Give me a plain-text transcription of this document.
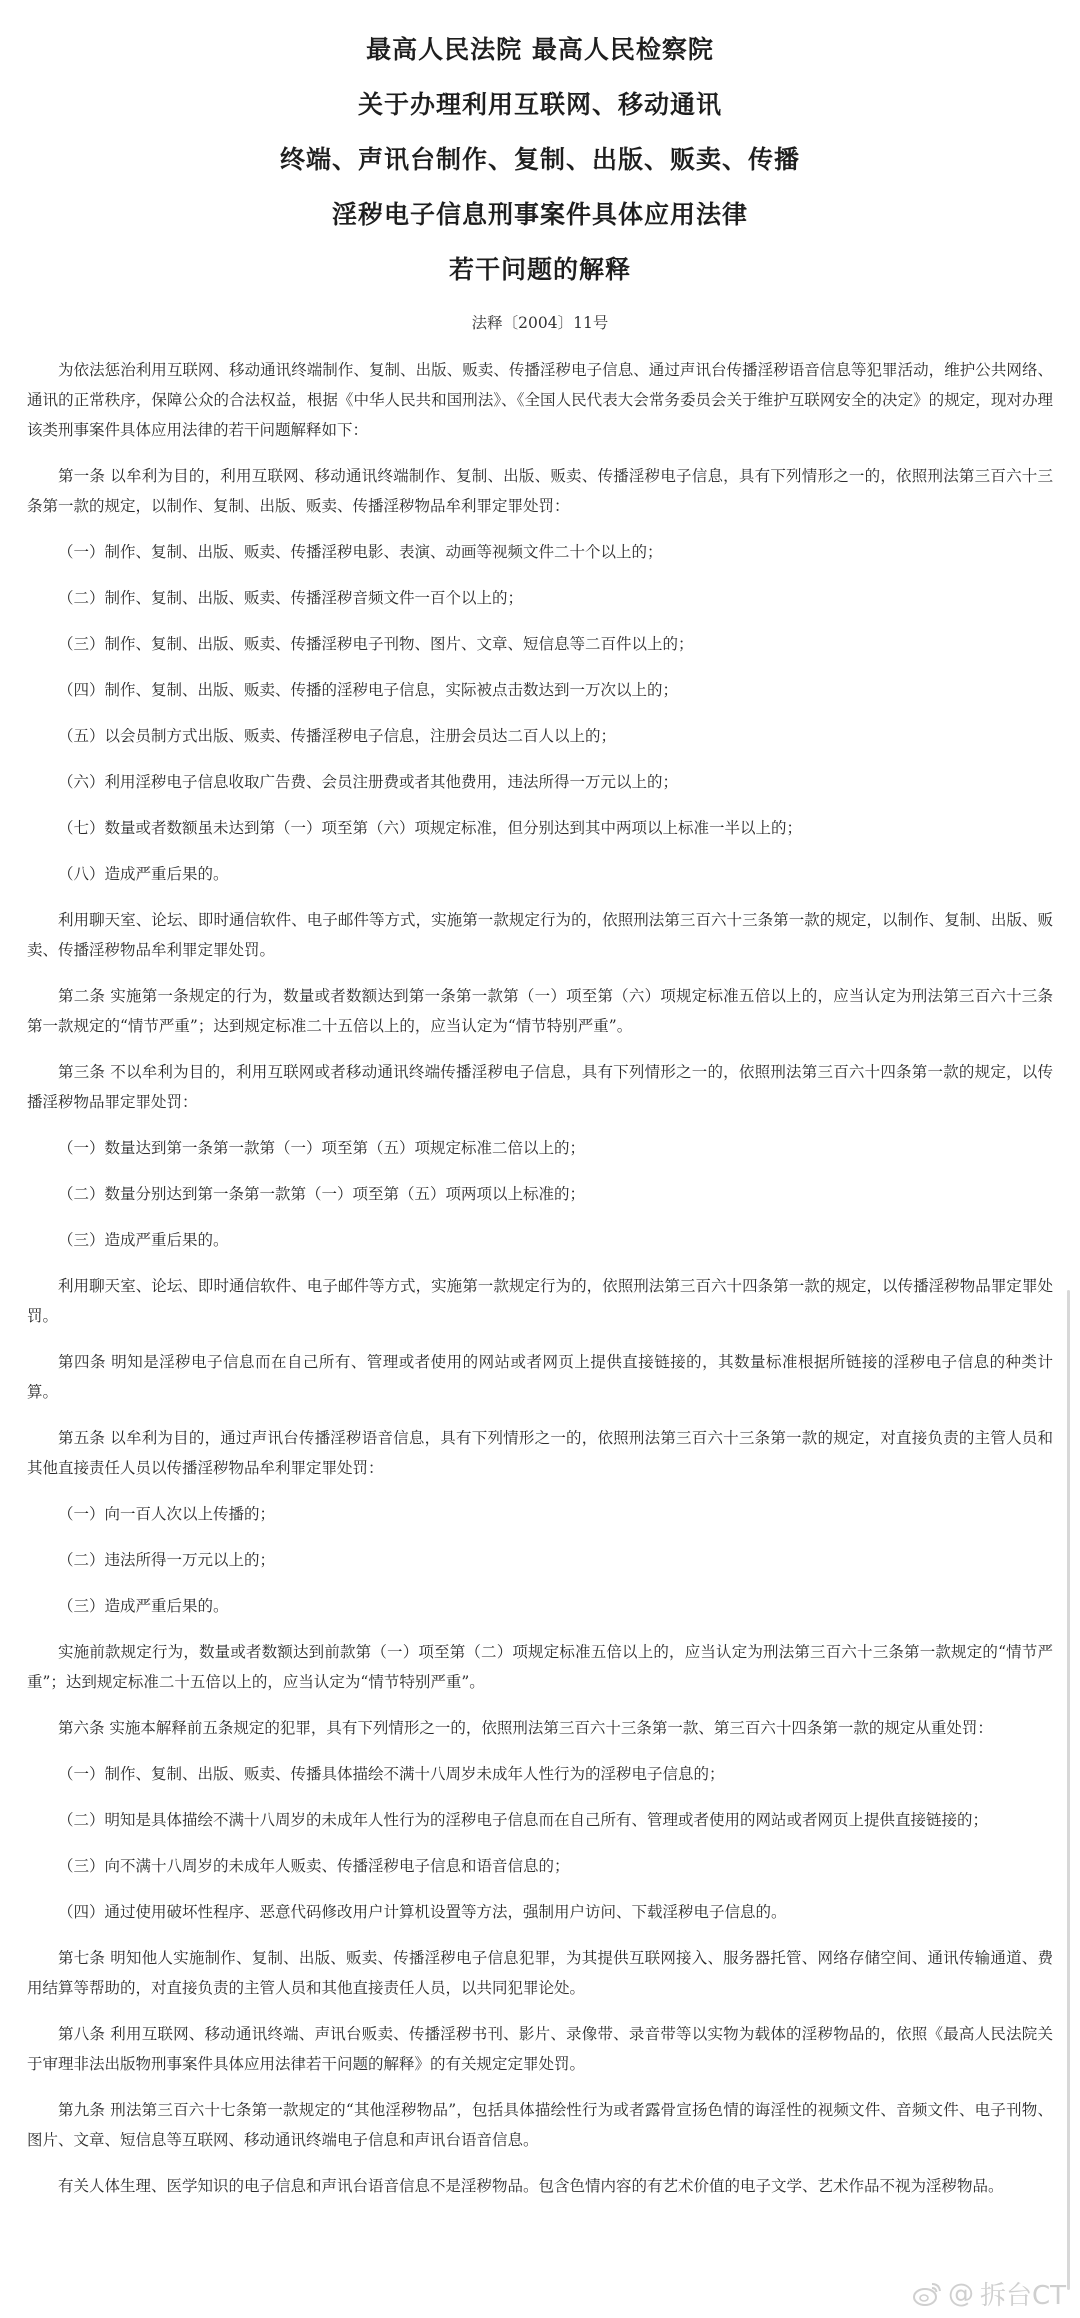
最高人民法院 最高人民检察院
关于办理利用互联网、移动通讯
终端、声讯台制作、复制、出版、贩卖、传播
淫秽电子信息刑事案件具体应用法律
若干问题的解释
法释〔2004〕11号

为依法惩治利用互联网、移动通讯终端制作、复制、出版、贩卖、传播淫秽电子信息、通过声讯台传播淫秽语音信息等犯罪活动，维护公共网络、通讯的正常秩序，保障公众的合法权益，根据《中华人民共和国刑法》、《全国人民代表大会常务委员会关于维护互联网安全的决定》的规定，现对办理该类刑事案件具体应用法律的若干问题解释如下：

第一条 以牟利为目的，利用互联网、移动通讯终端制作、复制、出版、贩卖、传播淫秽电子信息，具有下列情形之一的，依照刑法第三百六十三条第一款的规定，以制作、复制、出版、贩卖、传播淫秽物品牟利罪定罪处罚：

（一）制作、复制、出版、贩卖、传播淫秽电影、表演、动画等视频文件二十个以上的；

（二）制作、复制、出版、贩卖、传播淫秽音频文件一百个以上的；

（三）制作、复制、出版、贩卖、传播淫秽电子刊物、图片、文章、短信息等二百件以上的；

（四）制作、复制、出版、贩卖、传播的淫秽电子信息，实际被点击数达到一万次以上的；

（五）以会员制方式出版、贩卖、传播淫秽电子信息，注册会员达二百人以上的；

（六）利用淫秽电子信息收取广告费、会员注册费或者其他费用，违法所得一万元以上的；

（七）数量或者数额虽未达到第（一）项至第（六）项规定标准，但分别达到其中两项以上标准一半以上的；

（八）造成严重后果的。

利用聊天室、论坛、即时通信软件、电子邮件等方式，实施第一款规定行为的，依照刑法第三百六十三条第一款的规定，以制作、复制、出版、贩卖、传播淫秽物品牟利罪定罪处罚。

第二条 实施第一条规定的行为，数量或者数额达到第一条第一款第（一）项至第（六）项规定标准五倍以上的，应当认定为刑法第三百六十三条第一款规定的“情节严重”；达到规定标准二十五倍以上的，应当认定为“情节特别严重”。

第三条 不以牟利为目的，利用互联网或者移动通讯终端传播淫秽电子信息，具有下列情形之一的，依照刑法第三百六十四条第一款的规定，以传播淫秽物品罪定罪处罚：

（一）数量达到第一条第一款第（一）项至第（五）项规定标准二倍以上的；

（二）数量分别达到第一条第一款第（一）项至第（五）项两项以上标准的；

（三）造成严重后果的。

利用聊天室、论坛、即时通信软件、电子邮件等方式，实施第一款规定行为的，依照刑法第三百六十四条第一款的规定，以传播淫秽物品罪定罪处罚。

第四条 明知是淫秽电子信息而在自己所有、管理或者使用的网站或者网页上提供直接链接的，其数量标准根据所链接的淫秽电子信息的种类计算。

第五条 以牟利为目的，通过声讯台传播淫秽语音信息，具有下列情形之一的，依照刑法第三百六十三条第一款的规定，对直接负责的主管人员和其他直接责任人员以传播淫秽物品牟利罪定罪处罚：

（一）向一百人次以上传播的；

（二）违法所得一万元以上的；

（三）造成严重后果的。

实施前款规定行为，数量或者数额达到前款第（一）项至第（二）项规定标准五倍以上的，应当认定为刑法第三百六十三条第一款规定的“情节严重”；达到规定标准二十五倍以上的，应当认定为“情节特别严重”。

第六条 实施本解释前五条规定的犯罪，具有下列情形之一的，依照刑法第三百六十三条第一款、第三百六十四条第一款的规定从重处罚：

（一）制作、复制、出版、贩卖、传播具体描绘不满十八周岁未成年人性行为的淫秽电子信息的；

（二）明知是具体描绘不满十八周岁的未成年人性行为的淫秽电子信息而在自己所有、管理或者使用的网站或者网页上提供直接链接的；

（三）向不满十八周岁的未成年人贩卖、传播淫秽电子信息和语音信息的；

（四）通过使用破坏性程序、恶意代码修改用户计算机设置等方法，强制用户访问、下载淫秽电子信息的。

第七条 明知他人实施制作、复制、出版、贩卖、传播淫秽电子信息犯罪，为其提供互联网接入、服务器托管、网络存储空间、通讯传输通道、费用结算等帮助的，对直接负责的主管人员和其他直接责任人员，以共同犯罪论处。

第八条 利用互联网、移动通讯终端、声讯台贩卖、传播淫秽书刊、影片、录像带、录音带等以实物为载体的淫秽物品的，依照《最高人民法院关于审理非法出版物刑事案件具体应用法律若干问题的解释》的有关规定定罪处罚。

第九条 刑法第三百六十七条第一款规定的“其他淫秽物品”，包括具体描绘性行为或者露骨宣扬色情的诲淫性的视频文件、音频文件、电子刊物、图片、文章、短信息等互联网、移动通讯终端电子信息和声讯台语音信息。

有关人体生理、医学知识的电子信息和声讯台语音信息不是淫秽物品。包含色情内容的有艺术价值的电子文学、艺术作品不视为淫秽物品。

@ 拆台CT
